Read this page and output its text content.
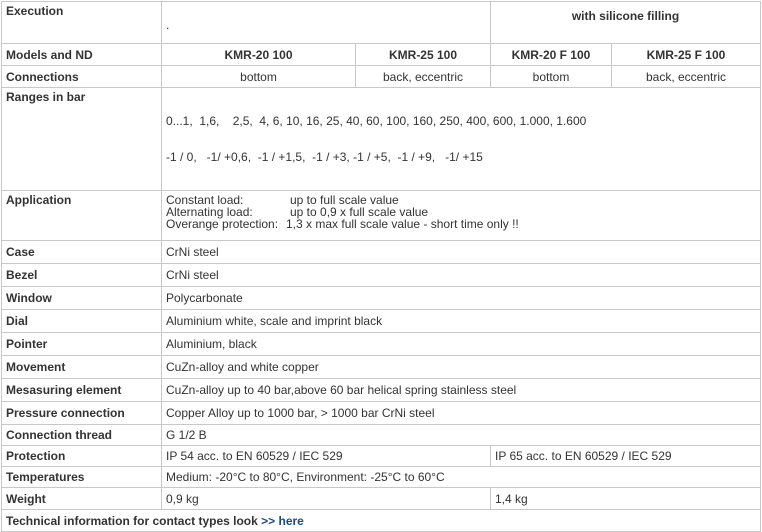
Execution	.		with silicone filling	
Models and ND	KMR-20 100	KMR-25 100	KMR-20 F 100	KMR-25 F 100
Connections	bottom	back, eccentric	bottom	back, eccentric
Ranges in bar	0...1,  1,6,    2,5,  4, 6, 10, 16, 25, 40, 60, 100, 160, 250, 400, 600, 1.000, 1.600

-1 / 0,   -1/ +0,6,  -1 / +1,5,  -1 / +3, -1 / +5,  -1 / +9,   -1/ +15			

Application	Constant load: up to full scale value
Alternating load: up to 0,9 x full scale value
Overange protection: 1,3 x max full scale value - short time only !!			

Case	CrNi steel			
Bezel	CrNi steel			
Window	Polycarbonate			
Dial	Aluminium white, scale and imprint black			
Pointer	Aluminium, black			
Movement	CuZn-alloy and white copper			
Mesasuring element	CuZn-alloy up to 40 bar,above 60 bar helical spring stainless steel			
Pressure connection	Copper Alloy up to 1000 bar, > 1000 bar CrNi steel			
Connection thread	G 1/2 B			
Protection	IP 54 acc. to EN 60529 / IEC 529		IP 65 acc. to EN 60529 / IEC 529	
Temperatures	Medium: -20°C to 80°C, Environment: -25°C to 60°C			
Weight	0,9 kg		1,4 kg	
Technical information for contact types look >> here				
